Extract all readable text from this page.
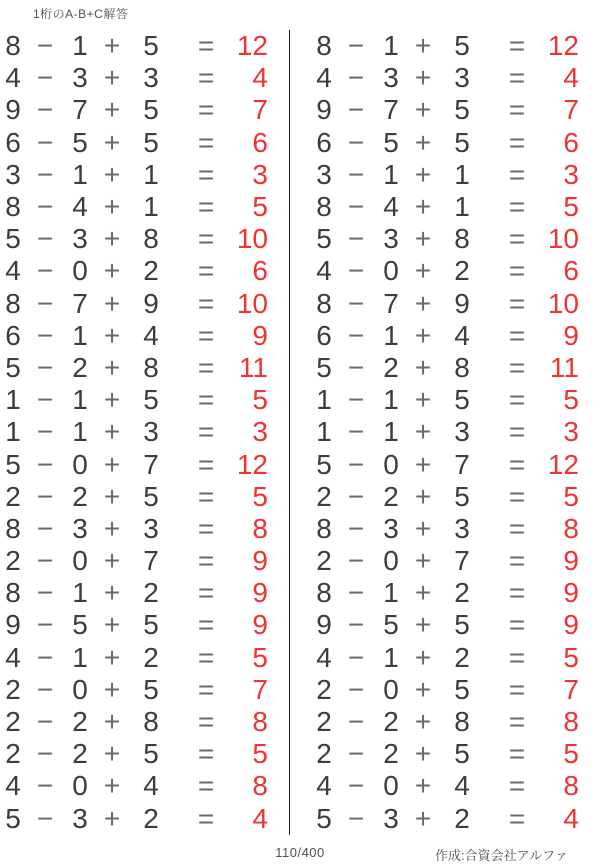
1桁のA-B+C解答
8 − 1 + 5	= 12
4 − 3 + 3	=	4
9 − 7 + 5	=	7
6 − 5 + 5	=	6
3 − 1 + 1	=	3
8 − 4 + 1	=	5
5 − 3 + 8	= 10
4 − 0 + 2	=	6
8 − 7 + 9	= 10
6 − 1 + 4	=	9
5 − 2 + 8	= 11
1 − 1 + 5	=	5
1 − 1 + 3	=	3
5 − 0 + 7	= 12
2 − 2 + 5	=	5
8 − 3 + 3	=	8
2 − 0 + 7	=	9
8 − 1 + 2	=	9
9 − 5 + 5	=	9
4 − 1 + 2	=	5
2 − 0 + 5	=	7
2 − 2 + 8	=	8
2 − 2 + 5	=	5
4 − 0 + 4	=	8
5 − 3 + 2	=	4
8 − 1 + 5	= 12
4 − 3 + 3	=	4
9 − 7 + 5	=	7
6 − 5 + 5	=	6
3 − 1 + 1	=	3
8 − 4 + 1	=	5
5 − 3 + 8	= 10
4 − 0 + 2	=	6
8 − 7 + 9	= 10
6 − 1 + 4	=	9
5 − 2 + 8	= 11
1 − 1 + 5	=	5
1 − 1 + 3	=	3
5 − 0 + 7	= 12
2 − 2 + 5	=	5
8 − 3 + 3	=	8
2 − 0 + 7	=	9
8 − 1 + 2	=	9
9 − 5 + 5	=	9
4 − 1 + 2	=	5
2 − 0 + 5	=	7
2 − 2 + 8	=	8
2 − 2 + 5	=	5
4 − 0 + 4	=	8
5 − 3 + 2	=	4
110/400	作成:合資会社アルファ
